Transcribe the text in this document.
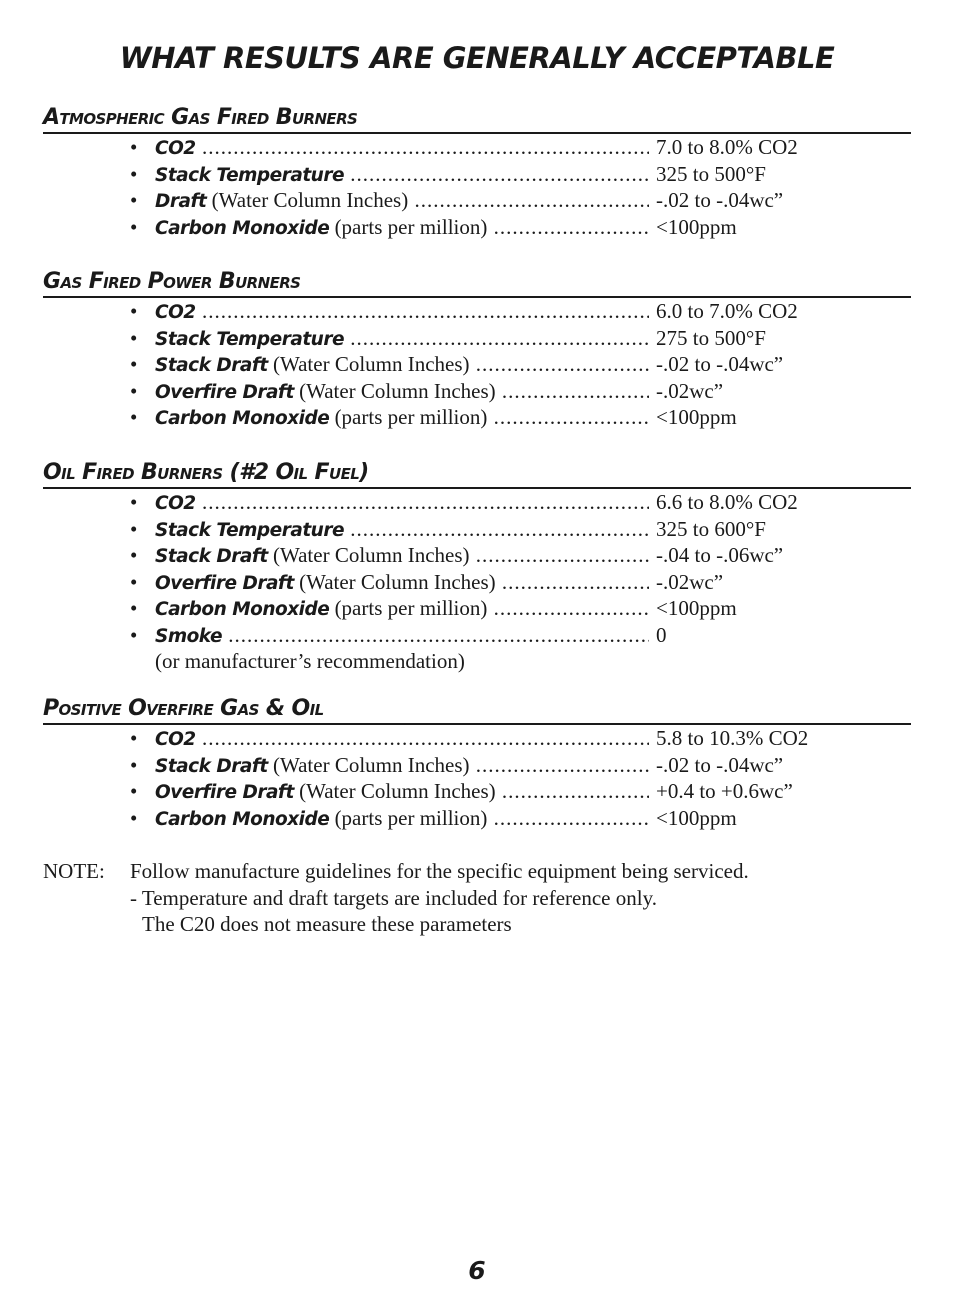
WHAT RESULTS ARE GENERALLY ACCEPTABLE
Atmospheric Gas Fired Burners
• CO2 .....	7.0 to 8.0% CO2
• Stack Temperature .....	325 to 500°F
• Draft (Water Column Inches) .....	-.02 to -.04wc”
• Carbon Monoxide (parts per million) .....	<100ppm
Gas Fired Power Burners
• CO2 .....	6.0 to 7.0% CO2
• Stack Temperature .....	275 to 500°F
• Stack Draft (Water Column Inches) .....	-.02 to -.04wc”
• Overfire Draft (Water Column Inches) .....	-.02wc”
• Carbon Monoxide (parts per million) .....	<100ppm
Oil Fired Burners (#2 Oil Fuel)
• CO2 .....	6.6 to 8.0% CO2
• Stack Temperature .....	325 to 600°F
• Stack Draft (Water Column Inches) .....	-.04 to -.06wc”
• Overfire Draft (Water Column Inches) .....	-.02wc”
• Carbon Monoxide (parts per million) .....	<100ppm
• Smoke .....	0
(or manufacturer’s recommendation)
Positive Overfire Gas & Oil
• CO2 .....	5.8 to 10.3% CO2
• Stack Draft (Water Column Inches) .....	-.02 to -.04wc”
• Overfire Draft (Water Column Inches) .....	+0.4 to +0.6wc”
• Carbon Monoxide (parts per million) .....	<100ppm
NOTE: Follow manufacture guidelines for the specific equipment being serviced.
- Temperature and draft targets are included for reference only.
The C20 does not measure these parameters
6
